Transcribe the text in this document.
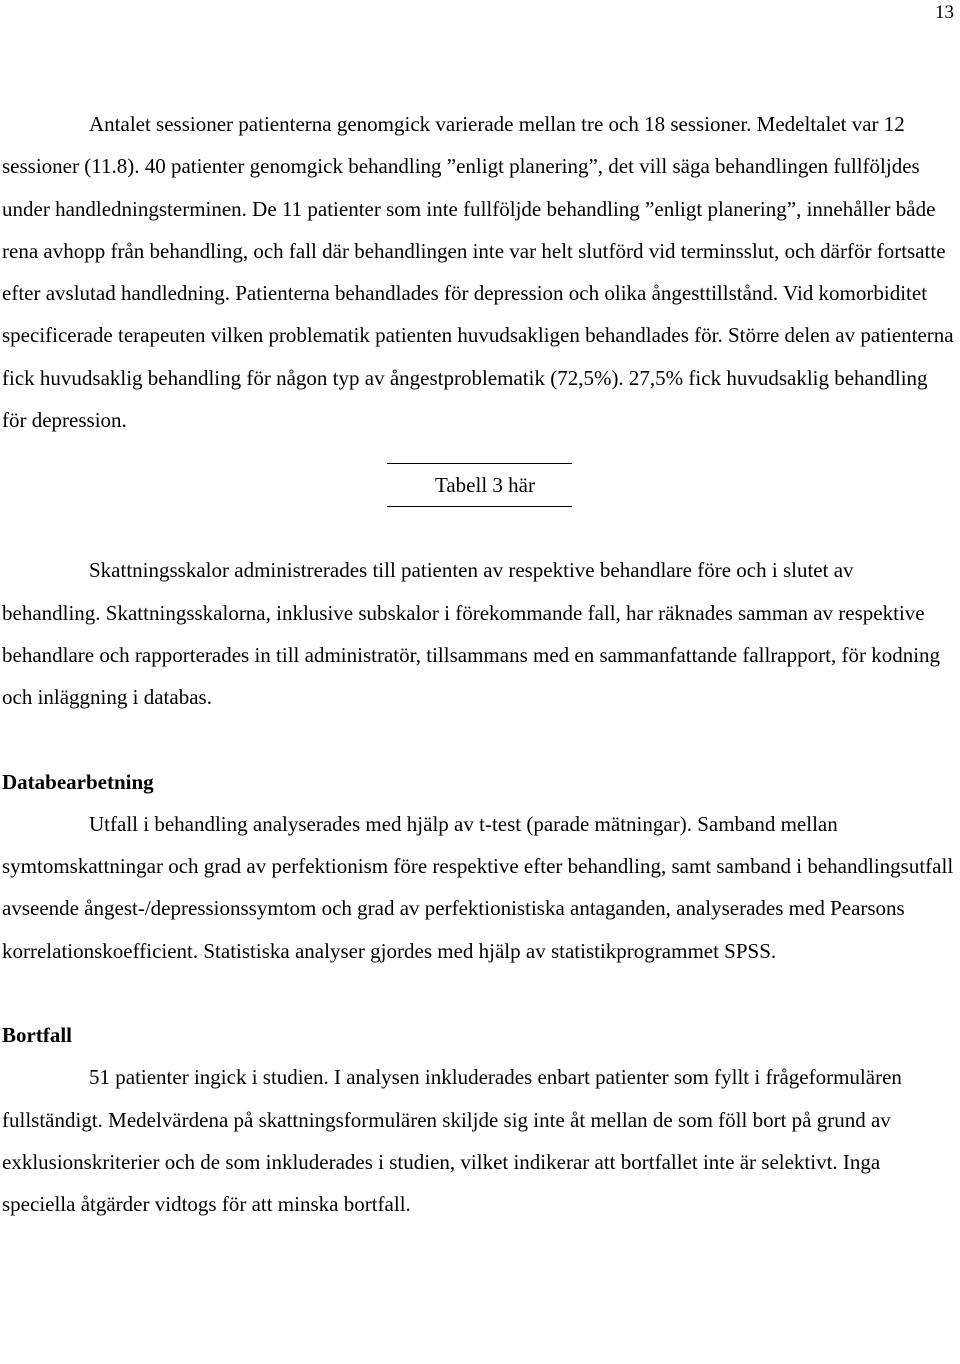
13

Antalet sessioner patienterna genomgick varierade mellan tre och 18 sessioner. Medeltalet var 12 sessioner (11.8). 40 patienter genomgick behandling ”enligt planering”, det vill säga behandlingen fullföljdes under handledningsterminen. De 11 patienter som inte fullföljde behandling ”enligt planering”, innehåller både rena avhopp från behandling, och fall där behandlingen inte var helt slutförd vid terminsslut, och därför fortsatte efter avslutad handledning. Patienterna behandlades för depression och olika ångesttillstånd. Vid komorbiditet specificerade terapeuten vilken problematik patienten huvudsakligen behandlades för. Större delen av patienterna fick huvudsaklig behandling för någon typ av ångestproblematik (72,5%). 27,5% fick huvudsaklig behandling för depression.

Tabell 3 här

Skattningsskalor administrerades till patienten av respektive behandlare före och i slutet av behandling. Skattningsskalorna, inklusive subskalor i förekommande fall, har räknades samman av respektive behandlare och rapporterades in till administratör, tillsammans med en sammanfattande fallrapport, för kodning och inläggning i databas.

Databearbetning

Utfall i behandling analyserades med hjälp av t-test (parade mätningar). Samband mellan symtomskattningar och grad av perfektionism före respektive efter behandling, samt samband i behandlingsutfall avseende ångest-/depressionssymtom och grad av perfektionistiska antaganden, analyserades med Pearsons korrelationskoefficient. Statistiska analyser gjordes med hjälp av statistikprogrammet SPSS.

Bortfall

51 patienter ingick i studien. I analysen inkluderades enbart patienter som fyllt i frågeformulären fullständigt. Medelvärdena på skattningsformulären skiljde sig inte åt mellan de som föll bort på grund av exklusionskriterier och de som inkluderades i studien, vilket indikerar att bortfallet inte är selektivt. Inga speciella åtgärder vidtogs för att minska bortfall.
